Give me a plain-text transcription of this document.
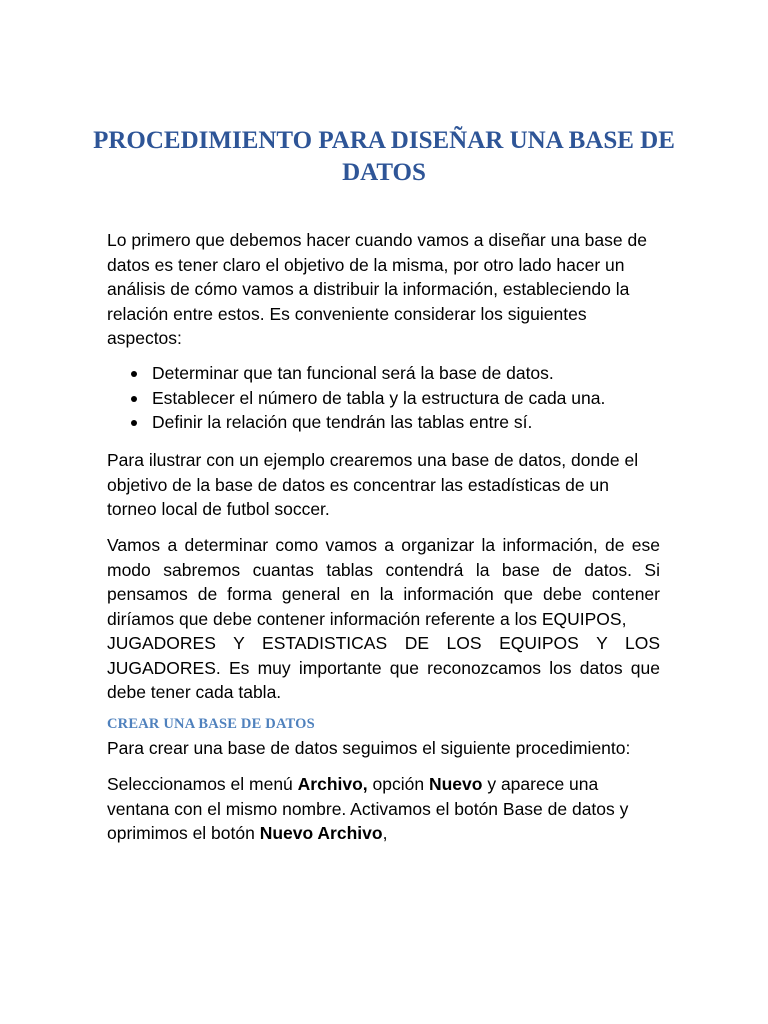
PROCEDIMIENTO PARA DISEÑAR UNA BASE DE
DATOS
Lo primero que debemos hacer cuando vamos a diseñar una base de
datos es tener claro el objetivo de la misma, por otro lado hacer un
análisis de cómo vamos a distribuir la información, estableciendo la
relación entre estos. Es conveniente considerar los siguientes
aspectos:
Determinar que tan funcional será la base de datos.
Establecer el número de tabla y la estructura de cada una.
Definir la relación que tendrán las tablas entre sí.
Para ilustrar con un ejemplo crearemos una base de datos, donde el
objetivo de la base de datos es concentrar las estadísticas de un
torneo local de futbol soccer.
Vamos a determinar como vamos a organizar la información, de ese
modo sabremos cuantas tablas contendrá la base de datos. Si
pensamos de forma general en la información que debe contener
diríamos que debe contener información referente a los EQUIPOS,
JUGADORES Y ESTADISTICAS DE LOS EQUIPOS Y LOS
JUGADORES. Es muy importante que reconozcamos los datos que
debe tener cada tabla.
CREAR UNA BASE DE DATOS
Para crear una base de datos seguimos el siguiente procedimiento:
Seleccionamos el menú Archivo, opción Nuevo y aparece una
ventana con el mismo nombre. Activamos el botón Base de datos y
oprimimos el botón Nuevo Archivo,
